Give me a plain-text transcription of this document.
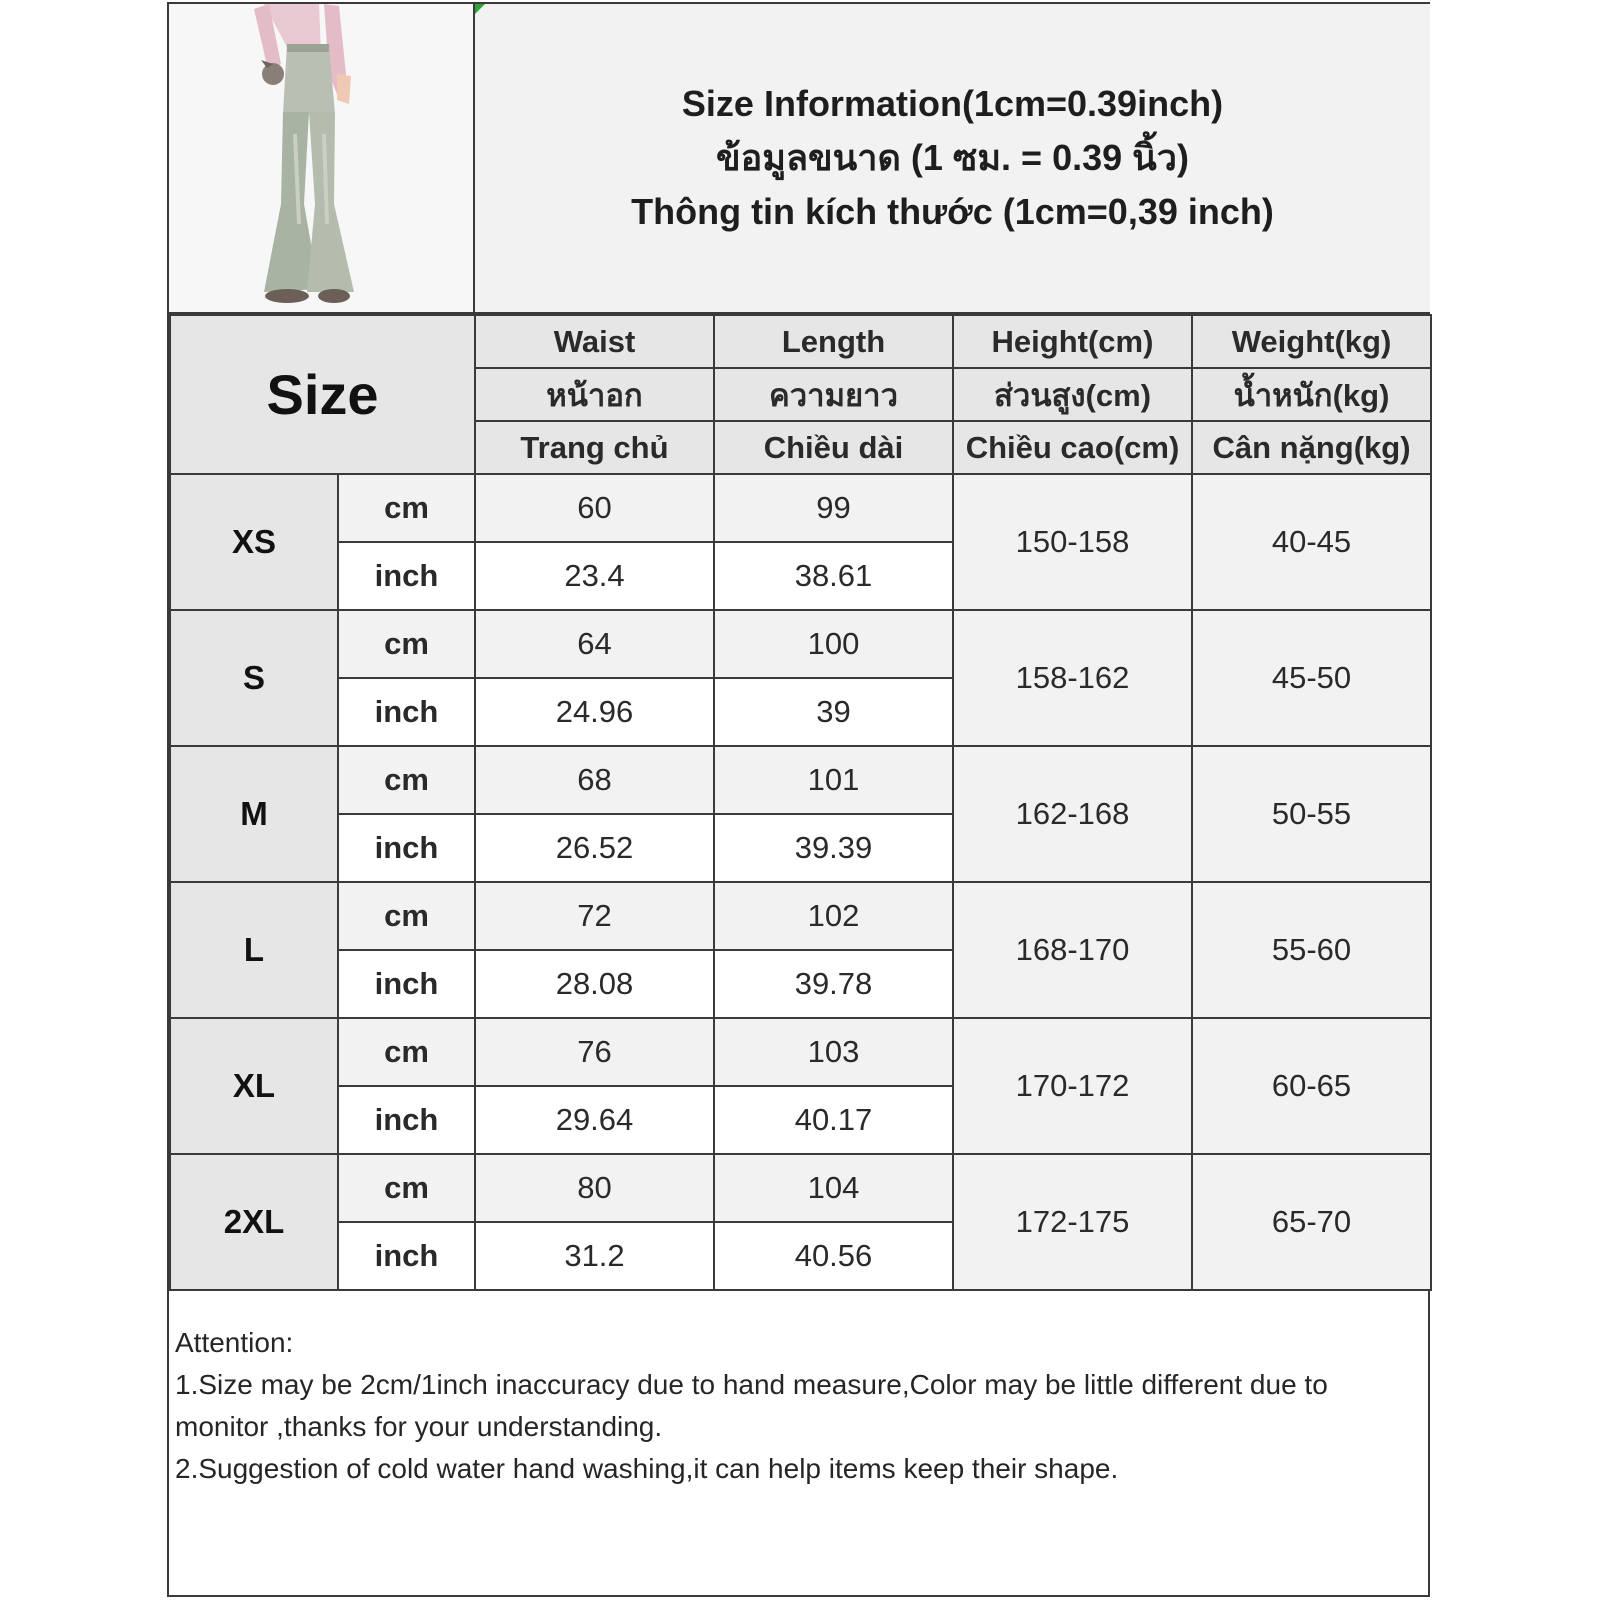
Size Information(1cm=0.39inch)
ข้อมูลขนาด (1 ซม. = 0.39 นิ้ว)
Thông tin kích thước (1cm=0,39 inch)
Size		Waist	Length	Height(cm)	Weight(kg)
		หน้าอก	ความยาว	ส่วนสูง(cm)	น้ำหนัก(kg)
		Trang chủ	Chiều dài	Chiều cao(cm)	Cân nặng(kg)
XS	cm	60	99	150-158	40-45
	inch	23.4	38.61		
S	cm	64	100	158-162	45-50
	inch	24.96	39		
M	cm	68	101	162-168	50-55
	inch	26.52	39.39		
L	cm	72	102	168-170	55-60
	inch	28.08	39.78		
XL	cm	76	103	170-172	60-65
	inch	29.64	40.17		
2XL	cm	80	104	172-175	65-70
	inch	31.2	40.56		
Attention:
1.Size may be 2cm/1inch inaccuracy due to hand measure,Color may be little different due to monitor ,thanks for your understanding.
2.Suggestion of cold water hand washing,it can help items keep their shape.
